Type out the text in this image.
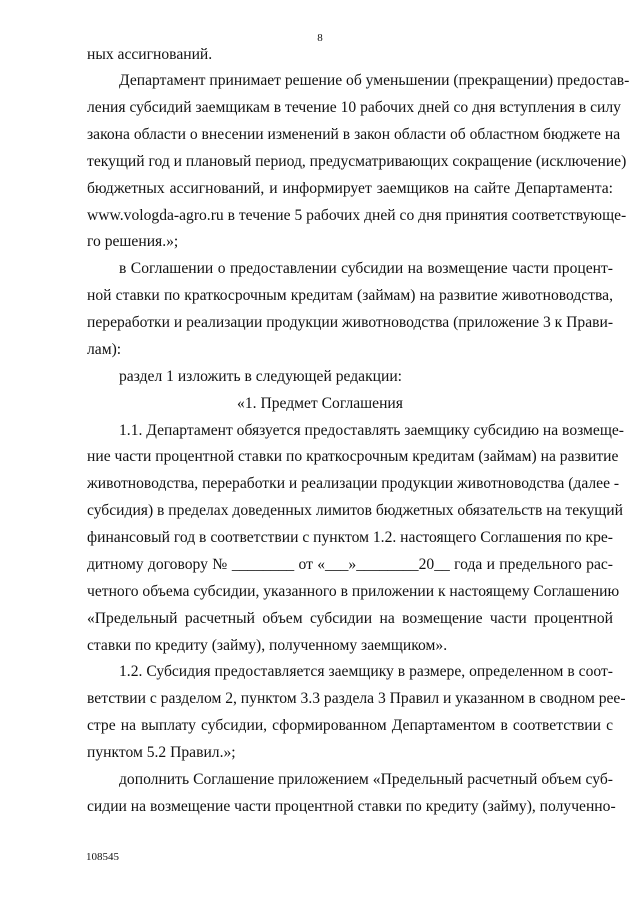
8
ных ассигнований.
Департамент принимает решение об уменьшении (прекращении) предостав-
ления субсидий заемщикам в течение 10 рабочих дней со дня вступления в силу
закона области о внесении изменений в закон области об областном бюджете на
текущий год и плановый период, предусматривающих сокращение (исключение)
бюджетных ассигнований, и информирует заемщиков на сайте Департамента:
www.vologda-agro.ru в течение 5 рабочих дней со дня принятия соответствующе-
го решения.»;
в Соглашении о предоставлении субсидии на возмещение части процент-
ной ставки по краткосрочным кредитам (займам) на развитие животноводства,
переработки и реализации продукции животноводства (приложение 3 к Прави-
лам):
раздел 1 изложить в следующей редакции:
«1. Предмет Соглашения
1.1. Департамент обязуется предоставлять заемщику субсидию на возмеще-
ние части процентной ставки по краткосрочным кредитам (займам) на развитие
животноводства, переработки и реализации продукции животноводства (далее -
субсидия) в пределах доведенных лимитов бюджетных обязательств на текущий
финансовый год в соответствии с пунктом 1.2. настоящего Соглашения по кре-
дитному договору № ________ от «___»________20__ года и предельного рас-
четного объема субсидии, указанного в приложении к настоящему Соглашению
«Предельный расчетный объем субсидии на возмещение части процентной
ставки по кредиту (займу), полученному заемщиком».
1.2. Субсидия предоставляется заемщику в размере, определенном в соот-
ветствии с разделом 2, пунктом 3.3 раздела 3 Правил и указанном в сводном рее-
стре на выплату субсидии, сформированном Департаментом в соответствии с
пунктом 5.2 Правил.»;
дополнить Соглашение приложением «Предельный расчетный объем суб-
сидии на возмещение части процентной ставки по кредиту (займу), полученно-
108545
